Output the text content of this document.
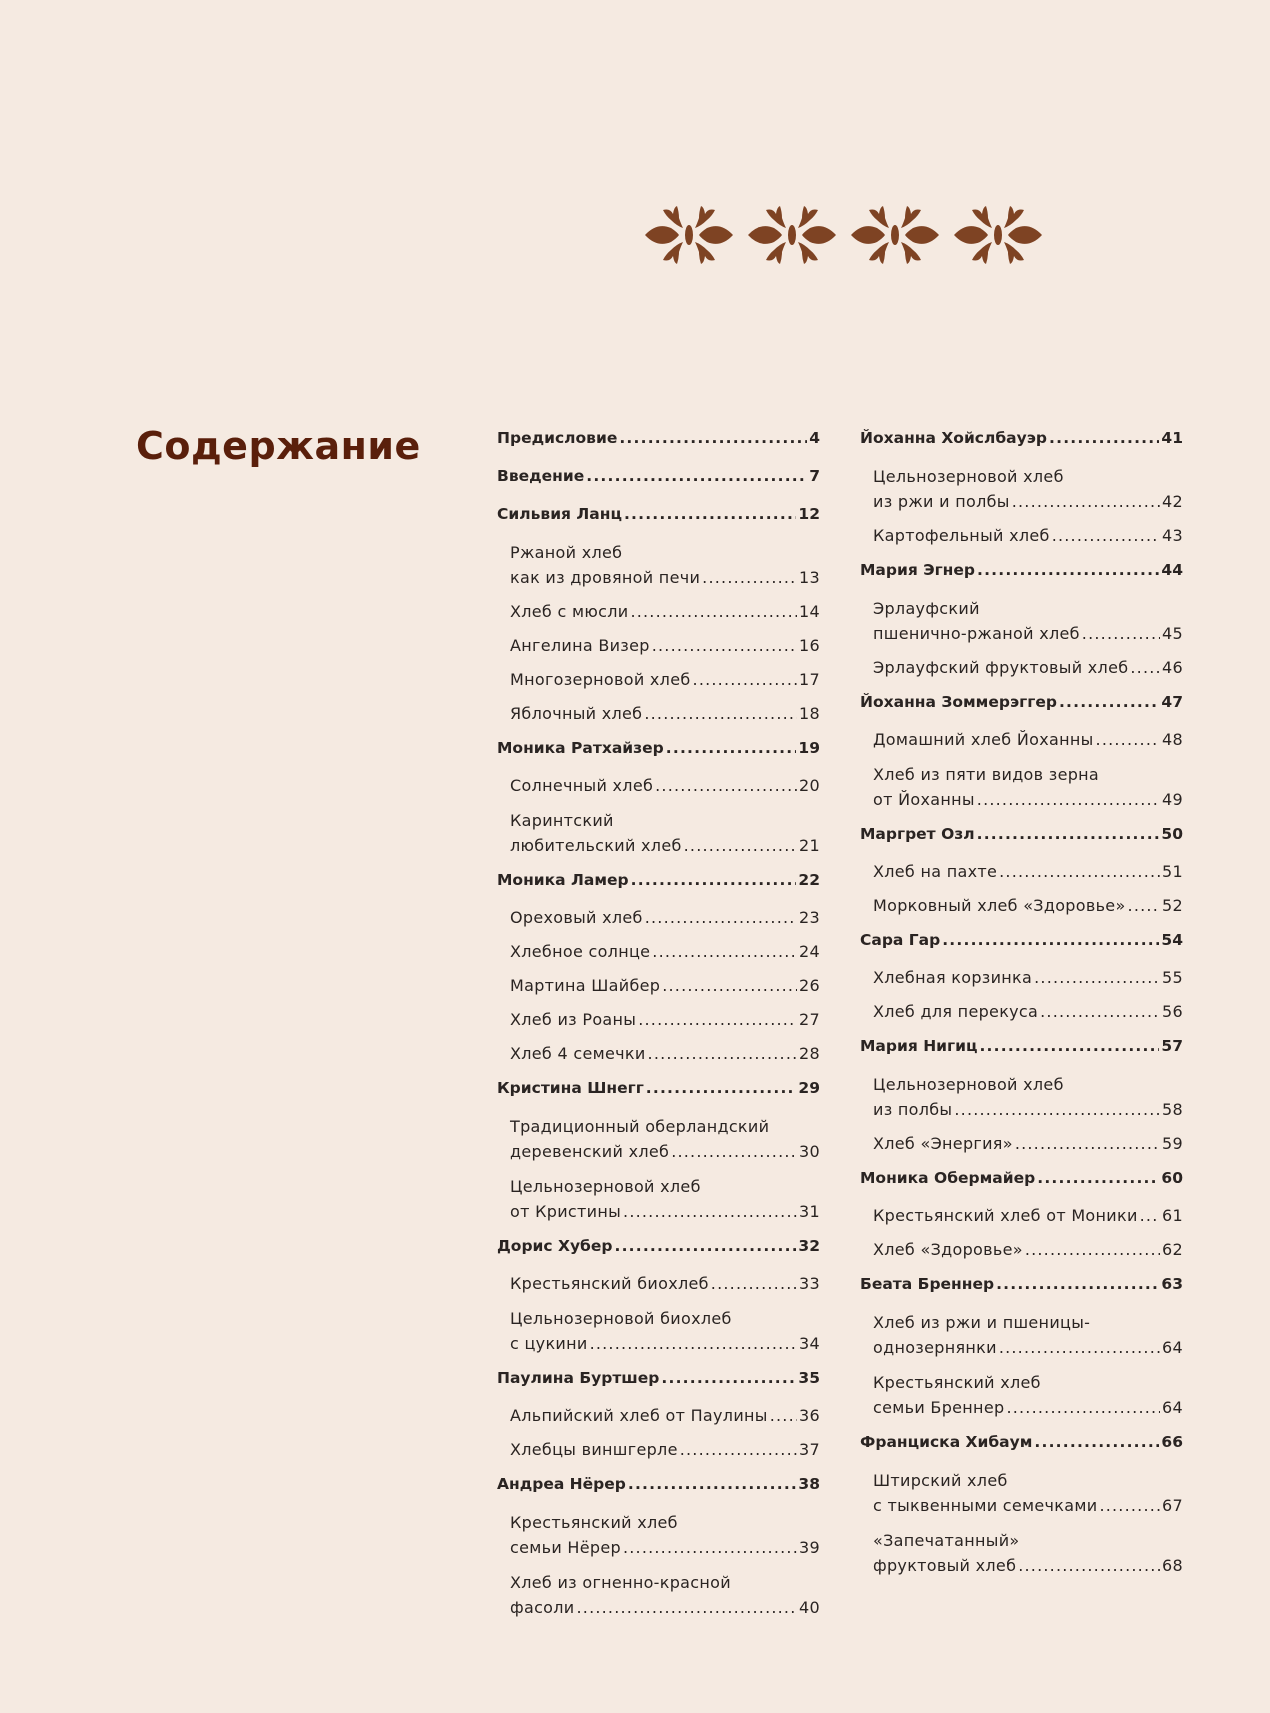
Содержание	Предисловие .....	4
Введение .....	7
Сильвия Ланц .....	12
Ржаной хлеб
как из дровяной печи .....	13
Хлеб с мюсли .....	14
Ангелина Визер .....	16
Многозерновой хлеб .....	17
Яблочный хлеб .....	18
Моника Ратхайзер .....	19
Солнечный хлеб .....	20
Каринтский
любительский хлеб .....	21
Моника Ламер .....	22
Ореховый хлеб .....	23
Хлебное солнце .....	24
Мартина Шайбер .....	26
Хлеб из Роаны .....	27
Хлеб 4 семечки .....	28
Кристина Шнегг .....	29
Традиционный оберландский
деревенский хлеб .....	30
Цельнозерновой хлеб
от Кристины .....	31
Дорис Хубер .....	32
Крестьянский биохлеб .....	33
Цельнозерновой биохлеб
с цукини .....	34
Паулина Буртшер .....	35
Альпийский хлеб от Паулины ..... 36
Хлебцы виншгерле .....	37
Андреа Нёрер .....	38
Крестьянский хлеб
семьи Нёрер .....	39
Хлеб из огненно-красной
фасоли .....	40
Йоханна Хойслбауэр .....	41
Цельнозерновой хлеб
из ржи и полбы .....	42
Картофельный хлеб .....	43
Мария Эгнер .....	44
Эрлауфский
пшенично-ржаной хлеб .....	45
Эрлауфский фруктовый хлеб ..... 46
Йоханна Зоммерэггер .....	47
Домашний хлеб Йоханны .....	48
Хлеб из пяти видов зерна
от Йоханны .....	49
Маргрет Озл .....	50
Хлеб на пахте .....	51
Морковный хлеб «Здоровье» ..... 52
Сара Гар .....	54
Хлебная корзинка .....	55
Хлеб для перекуса .....	56
Мария Нигиц .....	57
Цельнозерновой хлеб
из полбы .....	58
Хлеб «Энергия» .....	59
Моника Обермайер .....	60
Крестьянский хлеб от Моники ..... 61
Хлеб «Здоровье» .....	62
Беата Бреннер .....	63
Хлеб из ржи и пшеницы-
однозернянки .....	64
Крестьянский хлеб
семьи Бреннер .....	64
Франциска Хибаум .....	66
Штирский хлеб
с тыквенными семечками .....	67
«Запечатанный»
фруктовый хлеб .....	68
